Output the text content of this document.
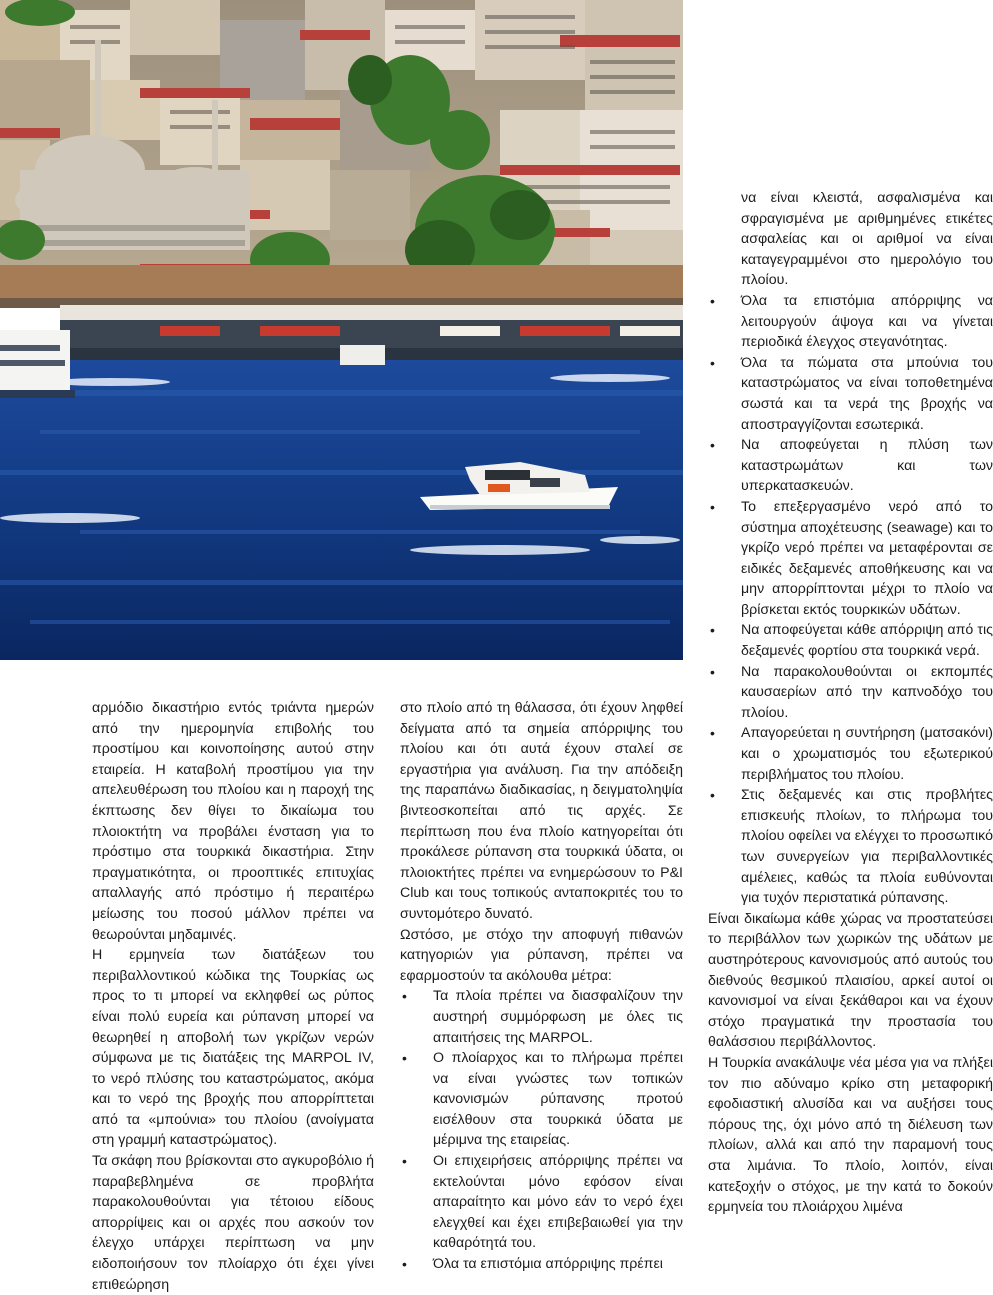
αρμόδιο δικαστήριο εντός τριάντα ημερών από την ημερομηνία επιβολής του προστίμου και κοινοποίησης αυτού στην εταιρεία. Η καταβολή προστίμου για την απελευθέρωση του πλοίου και η παροχή της έκπτωσης δεν θίγει το δικαίωμα του πλοιοκτήτη να προβάλει ένσταση για το πρόστιμο στα τουρκικά δικαστήρια. Στην πραγματικότητα, οι προοπτικές επιτυχίας απαλλαγής από πρόστιμο ή περαιτέρω μείωσης του ποσού μάλλον πρέπει να θεωρούνται μηδαμινές.

Η ερμηνεία των διατάξεων του περιβαλλοντικού κώδικα της Τουρκίας ως προς το τι μπορεί να εκληφθεί ως ρύπος είναι πολύ ευρεία και ρύπανση μπορεί να θεωρηθεί η αποβολή των γκρίζων νερών σύμφωνα με τις διατάξεις της MARPOL IV, το νερό πλύσης του καταστρώματος, ακόμα και το νερό της βροχής που απορρίπτεται από τα «μπούνια» του πλοίου (ανοίγματα στη γραμμή καταστρώματος).

Τα σκάφη που βρίσκονται στο αγκυροβόλιο ή παραβεβλημένα σε προβλήτα παρακολουθούνται για τέτοιου είδους απορρίψεις και οι αρχές που ασκούν τον έλεγχο υπάρχει περίπτωση να μην ειδοποιήσουν τον πλοίαρχο ότι έχει γίνει επιθεώρηση

στο πλοίο από τη θάλασσα, ότι έχουν ληφθεί δείγματα από τα σημεία απόρριψης του πλοίου και ότι αυτά έχουν σταλεί σε εργαστήρια για ανάλυση. Για την απόδειξη της παραπάνω διαδικασίας, η δειγματοληψία βιντεοσκοπείται από τις αρχές. Σε περίπτωση που ένα πλοίο κατηγορείται ότι προκάλεσε ρύπανση στα τουρκικά ύδατα, οι πλοιοκτήτες πρέπει να ενημερώσουν το P&I Club και τους τοπικούς ανταποκριτές του το συντομότερο δυνατό.

Ωστόσο, με στόχο την αποφυγή πιθανών κατηγοριών για ρύπανση, πρέπει να εφαρμοστούν τα ακόλουθα μέτρα:

• Τα πλοία πρέπει να διασφαλίζουν την αυστηρή συμμόρφωση με όλες τις απαιτήσεις της MARPOL.
• Ο πλοίαρχος και το πλήρωμα πρέπει να είναι γνώστες των τοπικών κανονισμών ρύπανσης προτού εισέλθουν στα τουρκικά ύδατα με μέριμνα της εταιρείας.
• Οι επιχειρήσεις απόρριψης πρέπει να εκτελούνται μόνο εφόσον είναι απαραίτητο και μόνο εάν το νερό έχει ελεγχθεί και έχει επιβεβαιωθεί για την καθαρότητά του.
• Όλα τα επιστόμια απόρριψης πρέπει

να είναι κλειστά, ασφαλισμένα και σφραγισμένα με αριθμημένες ετικέτες ασφαλείας και οι αριθμοί να είναι καταγεγραμμένοι στο ημερολόγιο του πλοίου.

• Όλα τα επιστόμια απόρριψης να λειτουργούν άψογα και να γίνεται περιοδικά έλεγχος στεγανότητας.
• Όλα τα πώματα στα μπούνια του καταστρώματος να είναι τοποθετημένα σωστά και τα νερά της βροχής να αποστραγγίζονται εσωτερικά.
• Να αποφεύγεται η πλύση των καταστρωμάτων και των υπερκατασκευών.
• Το επεξεργασμένο νερό από το σύστημα αποχέτευσης (seawage) και το γκρίζο νερό πρέπει να μεταφέρονται σε ειδικές δεξαμενές αποθήκευσης και να μην απορρίπτονται μέχρι το πλοίο να βρίσκεται εκτός τουρκικών υδάτων.
• Να αποφεύγεται κάθε απόρριψη από τις δεξαμενές φορτίου στα τουρκικά νερά.
• Να παρακολουθούνται οι εκπομπές καυσαερίων από την καπνοδόχο του πλοίου.
• Απαγορεύεται η συντήρηση (ματσακόνι) και ο χρωματισμός του εξωτερικού περιβλήματος του πλοίου.
• Στις δεξαμενές και στις προβλήτες επισκευής πλοίων, το πλήρωμα του πλοίου οφείλει να ελέγχει το προσωπικό των συνεργείων για περιβαλλοντικές αμέλειες, καθώς τα πλοία ευθύνονται για τυχόν περιστατικά ρύπανσης.

Είναι δικαίωμα κάθε χώρας να προστατεύσει το περιβάλλον των χωρικών της υδάτων με αυστηρότερους κανονισμούς από αυτούς του διεθνούς θεσμικού πλαισίου, αρκεί αυτοί οι κανονισμοί να είναι ξεκάθαροι και να έχουν στόχο πραγματικά την προστασία του θαλάσσιου περιβάλλοντος.

Η Τουρκία ανακάλυψε νέα μέσα για να πλήξει τον πιο αδύναμο κρίκο στη μεταφορική εφοδιαστική αλυσίδα και να αυξήσει τους πόρους της, όχι μόνο από τη διέλευση των πλοίων, αλλά και από την παραμονή τους στα λιμάνια. Το πλοίο, λοιπόν, είναι κατεξοχήν ο στόχος, με την κατά το δοκούν ερμηνεία του πλοιάρχου λιμένα
